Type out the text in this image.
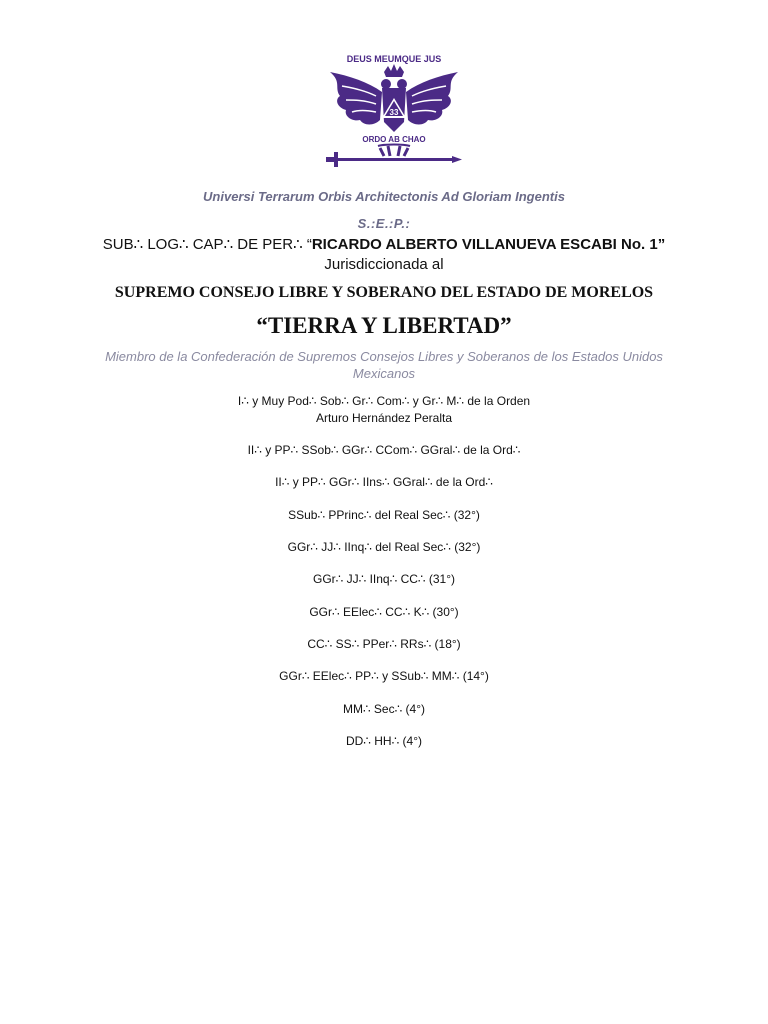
DEUS MEUMQUE JUS
33
ORDO AB CHAO
Universi Terrarum Orbis Architectonis Ad Gloriam Ingentis
S.:E.:P.:
SUB∴ LOG∴ CAP∴ DE PER∴ “RICARDO ALBERTO VILLANUEVA ESCABI No. 1”
Jurisdiccionada al
SUPREMO CONSEJO LIBRE Y SOBERANO DEL ESTADO DE MORELOS
“TIERRA Y LIBERTAD”
Miembro de la Confederación de Supremos Consejos Libres y Soberanos de los Estados Unidos Mexicanos
I∴ y Muy Pod∴ Sob∴ Gr∴ Com∴ y Gr∴ M∴ de la Orden
Arturo Hernández Peralta
II∴ y PP∴ SSob∴ GGr∴ CCom∴ GGral∴ de la Ord∴
II∴ y PP∴ GGr∴ IIns∴ GGral∴ de la Ord∴
SSub∴ PPrinc∴ del Real Sec∴ (32°)
GGr∴ JJ∴ IInq∴ del Real Sec∴ (32°)
GGr∴ JJ∴ IInq∴ CC∴ (31°)
GGr∴ EElec∴ CC∴ K∴ (30°)
CC∴ SS∴ PPer∴ RRs∴ (18°)
GGr∴ EElec∴ PP∴ y SSub∴ MM∴ (14°)
MM∴ Sec∴ (4°)
DD∴ HH∴ (4°)
